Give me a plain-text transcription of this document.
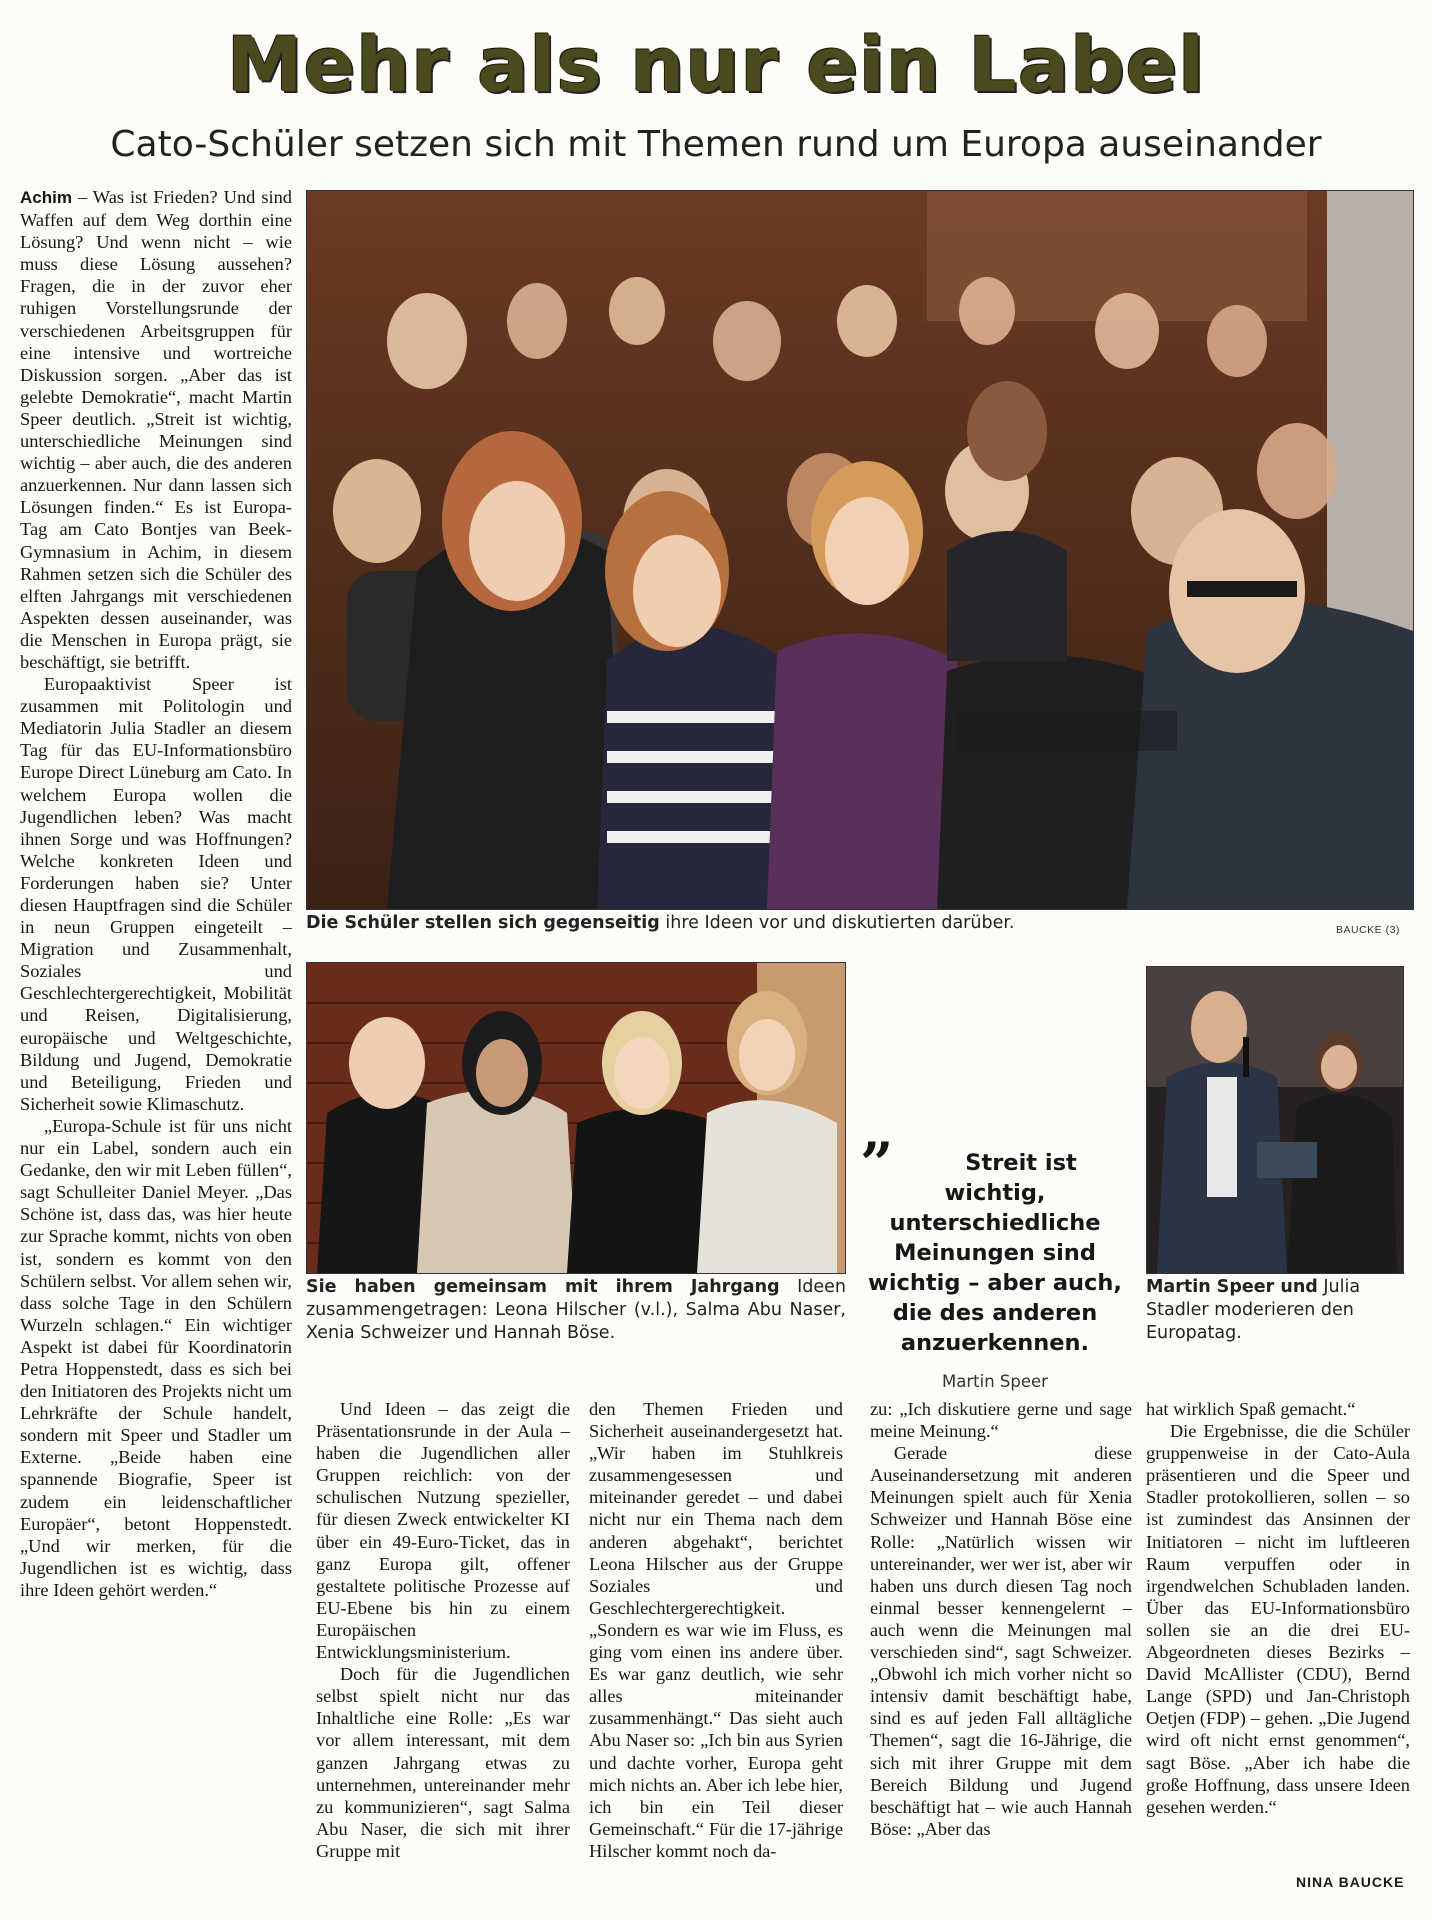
Mehr als nur ein Label
Cato-Schüler setzen sich mit Themen rund um Europa auseinander

Achim – Was ist Frieden? Und sind Waffen auf dem Weg dorthin eine Lösung? Und wenn nicht – wie muss diese Lösung aussehen? Fragen, die in der zuvor eher ruhigen Vorstellungsrunde der verschiedenen Arbeitsgruppen für eine intensive und wortreiche Diskussion sorgen. „Aber das ist gelebte Demokratie“, macht Martin Speer deutlich. „Streit ist wichtig, unterschiedliche Meinungen sind wichtig – aber auch, die des anderen anzuerkennen. Nur dann lassen sich Lösungen finden.“ Es ist Europa-Tag am Cato Bontjes van Beek-Gymnasium in Achim, in diesem Rahmen setzen sich die Schüler des elften Jahrgangs mit verschiedenen Aspekten dessen auseinander, was die Menschen in Europa prägt, sie beschäftigt, sie betrifft.

Europaaktivist Speer ist zusammen mit Politologin und Mediatorin Julia Stadler an diesem Tag für das EU-Informationsbüro Europe Direct Lüneburg am Cato. In welchem Europa wollen die Jugendlichen leben? Was macht ihnen Sorge und was Hoffnungen? Welche konkreten Ideen und Forderungen haben sie? Unter diesen Hauptfragen sind die Schüler in neun Gruppen eingeteilt – Migration und Zusammenhalt, Soziales und Geschlechtergerechtigkeit, Mobilität und Reisen, Digitalisierung, europäische und Weltgeschichte, Bildung und Jugend, Demokratie und Beteiligung, Frieden und Sicherheit sowie Klimaschutz.

„Europa-Schule ist für uns nicht nur ein Label, sondern auch ein Gedanke, den wir mit Leben füllen“, sagt Schulleiter Daniel Meyer. „Das Schöne ist, dass das, was hier heute zur Sprache kommt, nichts von oben ist, sondern es kommt von den Schülern selbst. Vor allem sehen wir, dass solche Tage in den Schülern Wurzeln schlagen.“ Ein wichtiger Aspekt ist dabei für Koordinatorin Petra Hoppenstedt, dass es sich bei den Initiatoren des Projekts nicht um Lehrkräfte der Schule handelt, sondern mit Speer und Stadler um Externe. „Beide haben eine spannende Biografie, Speer ist zudem ein leidenschaftlicher Europäer“, betont Hoppenstedt. „Und wir merken, für die Jugendlichen ist es wichtig, dass ihre Ideen gehört werden.“

Die Schüler stellen sich gegenseitig ihre Ideen vor und diskutierten darüber.	BAUCKE (3)
Sie haben gemeinsam mit ihrem Jahrgang Ideen zusammengetragen: Leona Hilscher (v.l.), Salma Abu Naser, Xenia Schweizer und Hannah Böse.
”	Streit ist wichtig, unterschiedliche Meinungen sind wichtig – aber auch, die des anderen anzuerkennen.
Martin Speer
Martin Speer und Julia Stadler moderieren den Europatag.

Und Ideen – das zeigt die Präsentationsrunde in der Aula – haben die Jugendlichen aller Gruppen reichlich: von der schulischen Nutzung spezieller, für diesen Zweck entwickelter KI über ein 49-Euro-Ticket, das in ganz Europa gilt, offener gestaltete politische Prozesse auf EU-Ebene bis hin zu einem Europäischen Entwicklungsministerium.

Doch für die Jugendlichen selbst spielt nicht nur das Inhaltliche eine Rolle: „Es war vor allem interessant, mit dem ganzen Jahrgang etwas zu unternehmen, untereinander mehr zu kommunizieren“, sagt Salma Abu Naser, die sich mit ihrer Gruppe mit

den Themen Frieden und Sicherheit auseinandergesetzt hat. „Wir haben im Stuhlkreis zusammengesessen und miteinander geredet – und dabei nicht nur ein Thema nach dem anderen abgehakt“, berichtet Leona Hilscher aus der Gruppe Soziales und Geschlechtergerechtigkeit. „Sondern es war wie im Fluss, es ging vom einen ins andere über. Es war ganz deutlich, wie sehr alles miteinander zusammenhängt.“ Das sieht auch Abu Naser so: „Ich bin aus Syrien und dachte vorher, Europa geht mich nichts an. Aber ich lebe hier, ich bin ein Teil dieser Gemeinschaft.“ Für die 17-jährige Hilscher kommt noch da-

zu: „Ich diskutiere gerne und sage meine Meinung.“

Gerade diese Auseinandersetzung mit anderen Meinungen spielt auch für Xenia Schweizer und Hannah Böse eine Rolle: „Natürlich wissen wir untereinander, wer wer ist, aber wir haben uns durch diesen Tag noch einmal besser kennengelernt – auch wenn die Meinungen mal verschieden sind“, sagt Schweizer. „Obwohl ich mich vorher nicht so intensiv damit beschäftigt habe, sind es auf jeden Fall alltägliche Themen“, sagt die 16-Jährige, die sich mit ihrer Gruppe mit dem Bereich Bildung und Jugend beschäftigt hat – wie auch Hannah Böse: „Aber das

hat wirklich Spaß gemacht.“

Die Ergebnisse, die die Schüler gruppenweise in der Cato-Aula präsentieren und die Speer und Stadler protokollieren, sollen – so ist zumindest das Ansinnen der Initiatoren – nicht im luftleeren Raum verpuffen oder in irgendwelchen Schubladen landen. Über das EU-Informationsbüro sollen sie an die drei EU-Abgeordneten dieses Bezirks – David McAllister (CDU), Bernd Lange (SPD) und Jan-Christoph Oetjen (FDP) – gehen. „Die Jugend wird oft nicht ernst genommen“, sagt Böse. „Aber ich habe die große Hoffnung, dass unsere Ideen gesehen werden.“

NINA BAUCKE
